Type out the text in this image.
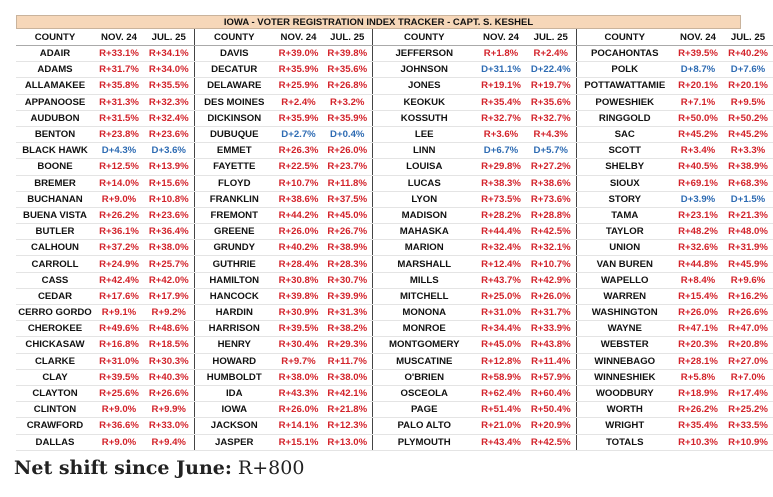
IOWA - VOTER REGISTRATION INDEX TRACKER - CAPT. S. KESHEL
COUNTY	NOV. 24	JUL. 25	COUNTY	NOV. 24	JUL. 25	COUNTY	NOV. 24	JUL. 25	COUNTY	NOV. 24	JUL. 25
ADAIR	R+33.1%	R+34.1%	DAVIS	R+39.0%	R+39.8%	JEFFERSON	R+1.8%	R+2.4%	POCAHONTAS	R+39.5%	R+40.2%
ADAMS	R+31.7%	R+34.0%	DECATUR	R+35.9%	R+35.6%	JOHNSON	D+31.1%	D+22.4%	POLK	D+8.7%	D+7.6%
ALLAMAKEE	R+35.8%	R+35.5%	DELAWARE	R+25.9%	R+26.8%	JONES	R+19.1%	R+19.7%	POTTAWATTAMIE	R+20.1%	R+20.1%
APPANOOSE	R+31.3%	R+32.3%	DES MOINES	R+2.4%	R+3.2%	KEOKUK	R+35.4%	R+35.6%	POWESHIEK	R+7.1%	R+9.5%
AUDUBON	R+31.5%	R+32.4%	DICKINSON	R+35.9%	R+35.9%	KOSSUTH	R+32.7%	R+32.7%	RINGGOLD	R+50.0%	R+50.2%
BENTON	R+23.8%	R+23.6%	DUBUQUE	D+2.7%	D+0.4%	LEE	R+3.6%	R+4.3%	SAC	R+45.2%	R+45.2%
BLACK HAWK	D+4.3%	D+3.6%	EMMET	R+26.3%	R+26.0%	LINN	D+6.7%	D+5.7%	SCOTT	R+3.4%	R+3.3%
BOONE	R+12.5%	R+13.9%	FAYETTE	R+22.5%	R+23.7%	LOUISA	R+29.8%	R+27.2%	SHELBY	R+40.5%	R+38.9%
BREMER	R+14.0%	R+15.6%	FLOYD	R+10.7%	R+11.8%	LUCAS	R+38.3%	R+38.6%	SIOUX	R+69.1%	R+68.3%
BUCHANAN	R+9.0%	R+10.8%	FRANKLIN	R+38.6%	R+37.5%	LYON	R+73.5%	R+73.6%	STORY	D+3.9%	D+1.5%
BUENA VISTA	R+26.2%	R+23.6%	FREMONT	R+44.2%	R+45.0%	MADISON	R+28.2%	R+28.8%	TAMA	R+23.1%	R+21.3%
BUTLER	R+36.1%	R+36.4%	GREENE	R+26.0%	R+26.7%	MAHASKA	R+44.4%	R+42.5%	TAYLOR	R+48.2%	R+48.0%
CALHOUN	R+37.2%	R+38.0%	GRUNDY	R+40.2%	R+38.9%	MARION	R+32.4%	R+32.1%	UNION	R+32.6%	R+31.9%
CARROLL	R+24.9%	R+25.7%	GUTHRIE	R+28.4%	R+28.3%	MARSHALL	R+12.4%	R+10.7%	VAN BUREN	R+44.8%	R+45.9%
CASS	R+42.4%	R+42.0%	HAMILTON	R+30.8%	R+30.7%	MILLS	R+43.7%	R+42.9%	WAPELLO	R+8.4%	R+9.6%
CEDAR	R+17.6%	R+17.9%	HANCOCK	R+39.8%	R+39.9%	MITCHELL	R+25.0%	R+26.0%	WARREN	R+15.4%	R+16.2%
CERRO GORDO	R+9.1%	R+9.2%	HARDIN	R+30.9%	R+31.3%	MONONA	R+31.0%	R+31.7%	WASHINGTON	R+26.0%	R+26.6%
CHEROKEE	R+49.6%	R+48.6%	HARRISON	R+39.5%	R+38.2%	MONROE	R+34.4%	R+33.9%	WAYNE	R+47.1%	R+47.0%
CHICKASAW	R+16.8%	R+18.5%	HENRY	R+30.4%	R+29.3%	MONTGOMERY	R+45.0%	R+43.8%	WEBSTER	R+20.3%	R+20.8%
CLARKE	R+31.0%	R+30.3%	HOWARD	R+9.7%	R+11.7%	MUSCATINE	R+12.8%	R+11.4%	WINNEBAGO	R+28.1%	R+27.0%
CLAY	R+39.5%	R+40.3%	HUMBOLDT	R+38.0%	R+38.0%	O'BRIEN	R+58.9%	R+57.9%	WINNESHIEK	R+5.8%	R+7.0%
CLAYTON	R+25.6%	R+26.6%	IDA	R+43.3%	R+42.1%	OSCEOLA	R+62.4%	R+60.4%	WOODBURY	R+18.9%	R+17.4%
CLINTON	R+9.0%	R+9.9%	IOWA	R+26.0%	R+21.8%	PAGE	R+51.4%	R+50.4%	WORTH	R+26.2%	R+25.2%
CRAWFORD	R+36.6%	R+33.0%	JACKSON	R+14.1%	R+12.3%	PALO ALTO	R+21.0%	R+20.9%	WRIGHT	R+35.4%	R+33.5%
DALLAS	R+9.0%	R+9.4%	JASPER	R+15.1%	R+13.0%	PLYMOUTH	R+43.4%	R+42.5%	TOTALS	R+10.3%	R+10.9%
Net shift since June: R+800
